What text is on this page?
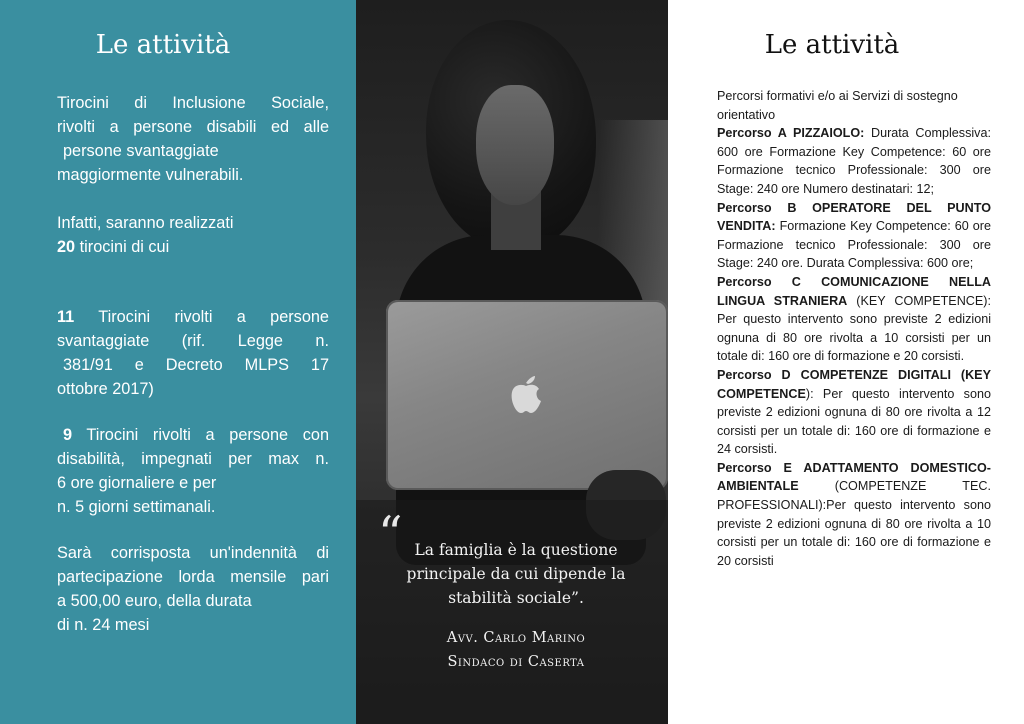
Le attività

Tirocini di Inclusione Sociale,

rivolti a persone disabili ed alle

persone svantaggiate

maggiormente vulnerabili.

Infatti, saranno realizzati

20 tirocini di cui

11 Tirocini rivolti a persone

svantaggiate (rif. Legge n.

381/91 e Decreto MLPS 17

ottobre 2017)

9 Tirocini rivolti a persone con

disabilità, impegnati per max n.

6 ore giornaliere e per

n. 5 giorni settimanali.

Sarà corrisposta un'indennità di

partecipazione lorda mensile pari

a 500,00 euro, della durata

di n. 24 mesi

“ La famiglia è la questione principale da cui dipende la stabilità sociale”.
Avv. Carlo Marino
Sindaco di Caserta
Le attività

Percorsi formativi e/o ai Servizi di sostegno orientativo

Percorso A PIZZAIOLO: Durata Complessiva: 600 ore Formazione Key Competence: 60 ore Formazione tecnico Professionale: 300 ore Stage: 240 ore Numero destinatari: 12;

Percorso B OPERATORE DEL PUNTO VENDITA: Formazione Key Competence: 60 ore Formazione tecnico Professionale: 300 ore Stage: 240 ore. Durata Complessiva: 600 ore;

Percorso C COMUNICAZIONE NELLA LINGUA STRANIERA (KEY COMPETENCE): Per questo intervento sono previste 2 edizioni ognuna di 80 ore rivolta a 10 corsisti per un totale di: 160 ore di formazione e 20 corsisti.

Percorso D COMPETENZE DIGITALI (KEY COMPETENCE): Per questo intervento sono previste 2 edizioni ognuna di 80 ore rivolta a 12 corsisti per un totale di: 160 ore di formazione e 24 corsisti.

Percorso E ADATTAMENTO DOMESTICO-AMBIENTALE (COMPETENZE TEC. PROFESSIONALI):Per questo intervento sono previste 2 edizioni ognuna di 80 ore rivolta a 10 corsisti per un totale di: 160 ore di formazione e 20 corsisti
